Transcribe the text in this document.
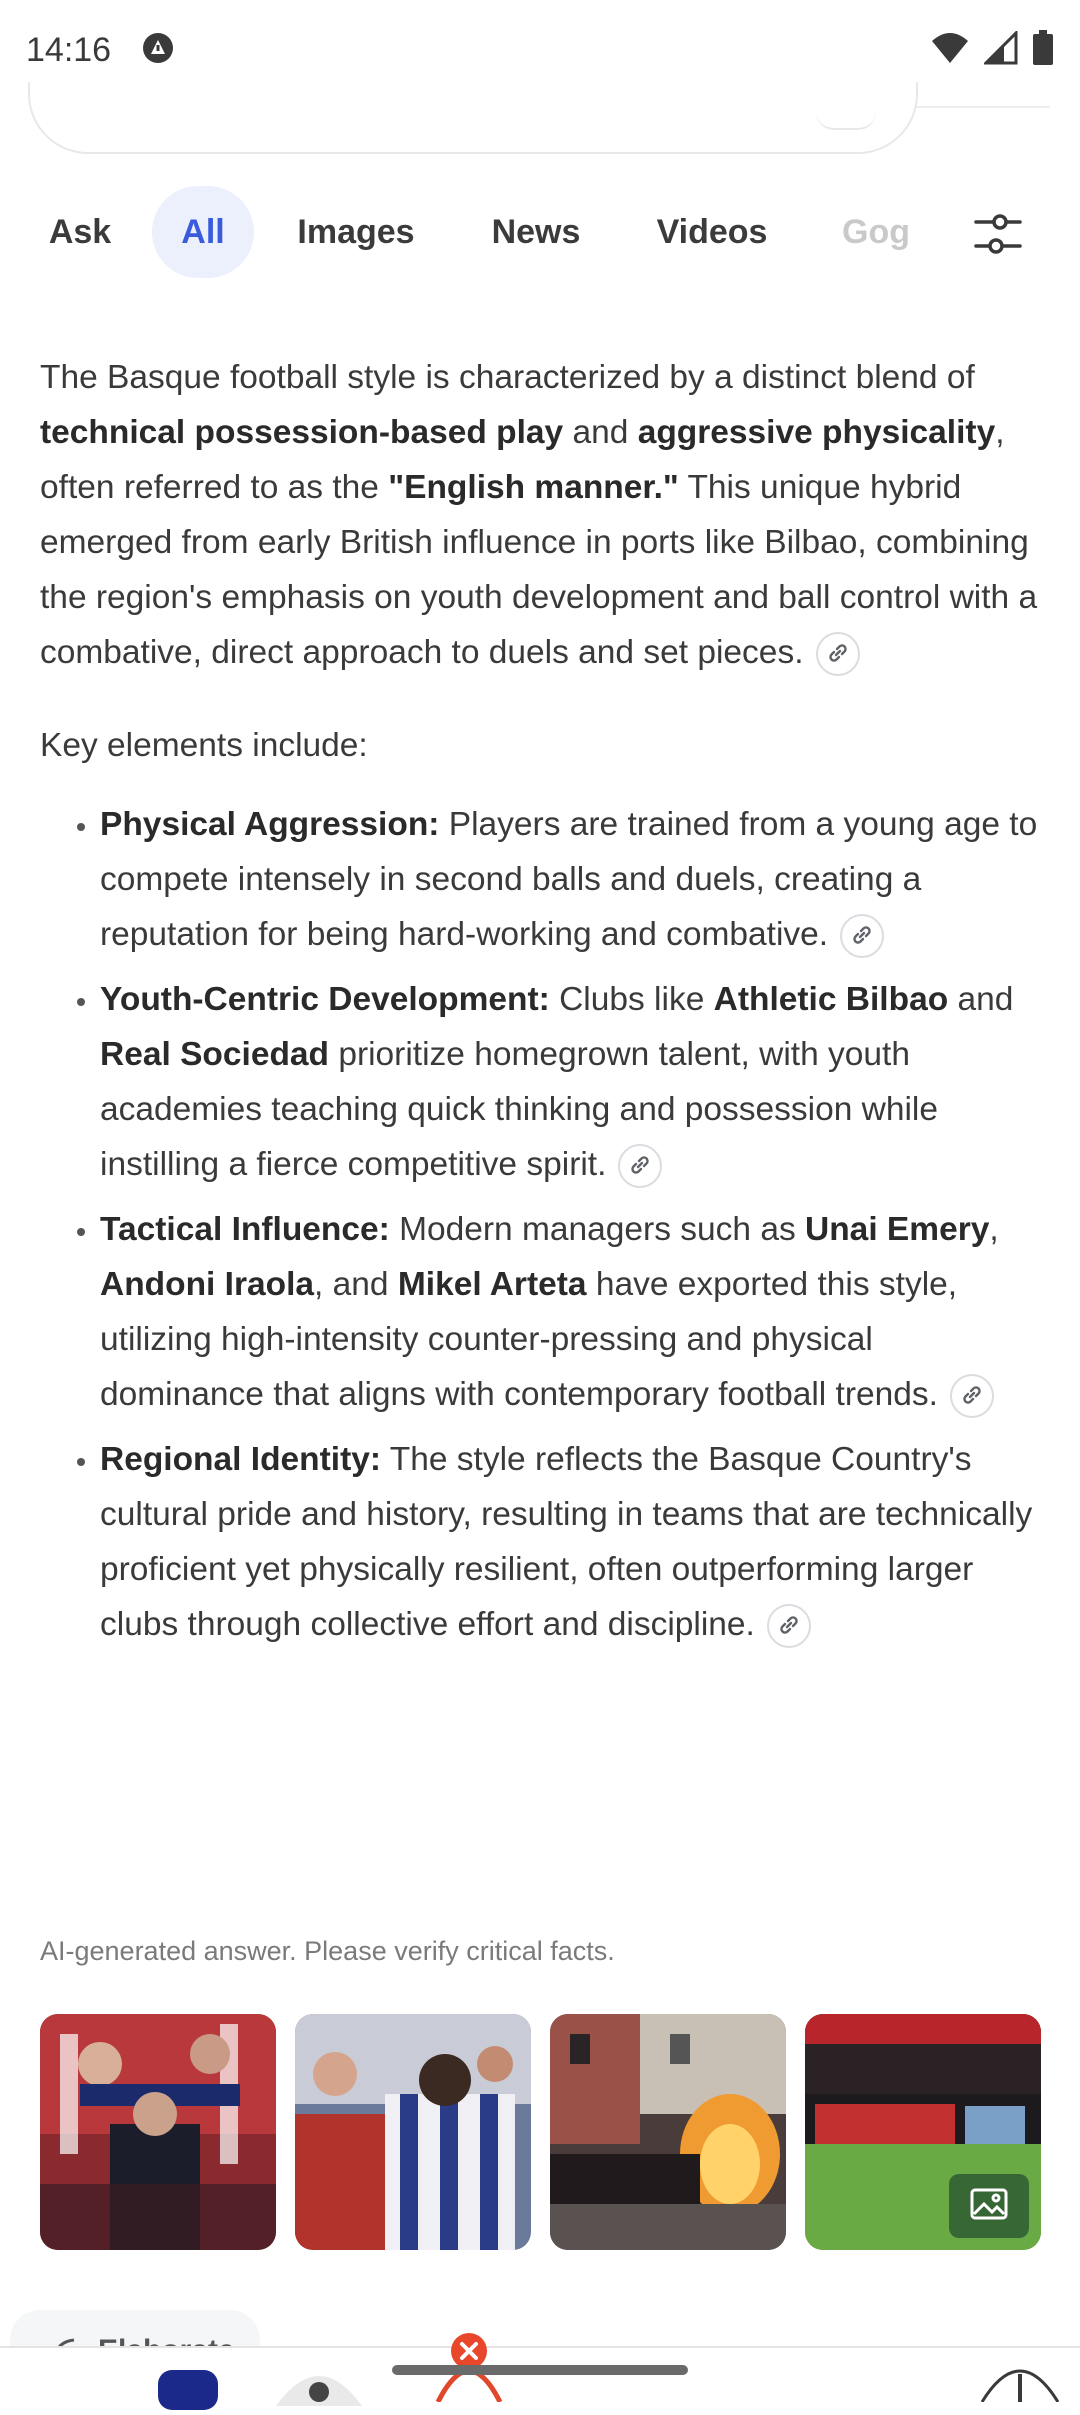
14:16
Ask All Images News Videos Gog

The Basque football style is characterized by a distinct blend of technical possession-based play and aggressive physicality, often referred to as the "English manner." This unique hybrid emerged from early British influence in ports like Bilbao, combining the region's emphasis on youth development and ball control with a combative, direct approach to duels and set pieces.

Key elements include:

• Physical Aggression: Players are trained from a young age to compete intensely in second balls and duels, creating a reputation for being hard-working and combative.
• Youth-Centric Development: Clubs like Athletic Bilbao and Real Sociedad prioritize homegrown talent, with youth academies teaching quick thinking and possession while instilling a fierce competitive spirit.
• Tactical Influence: Modern managers such as Unai Emery, Andoni Iraola, and Mikel Arteta have exported this style, utilizing high-intensity counter-pressing and physical dominance that aligns with contemporary football trends.
• Regional Identity: The style reflects the Basque Country's cultural pride and history, resulting in teams that are technically proficient yet physically resilient, often outperforming larger clubs through collective effort and discipline.
AI-generated answer. Please verify critical facts.
